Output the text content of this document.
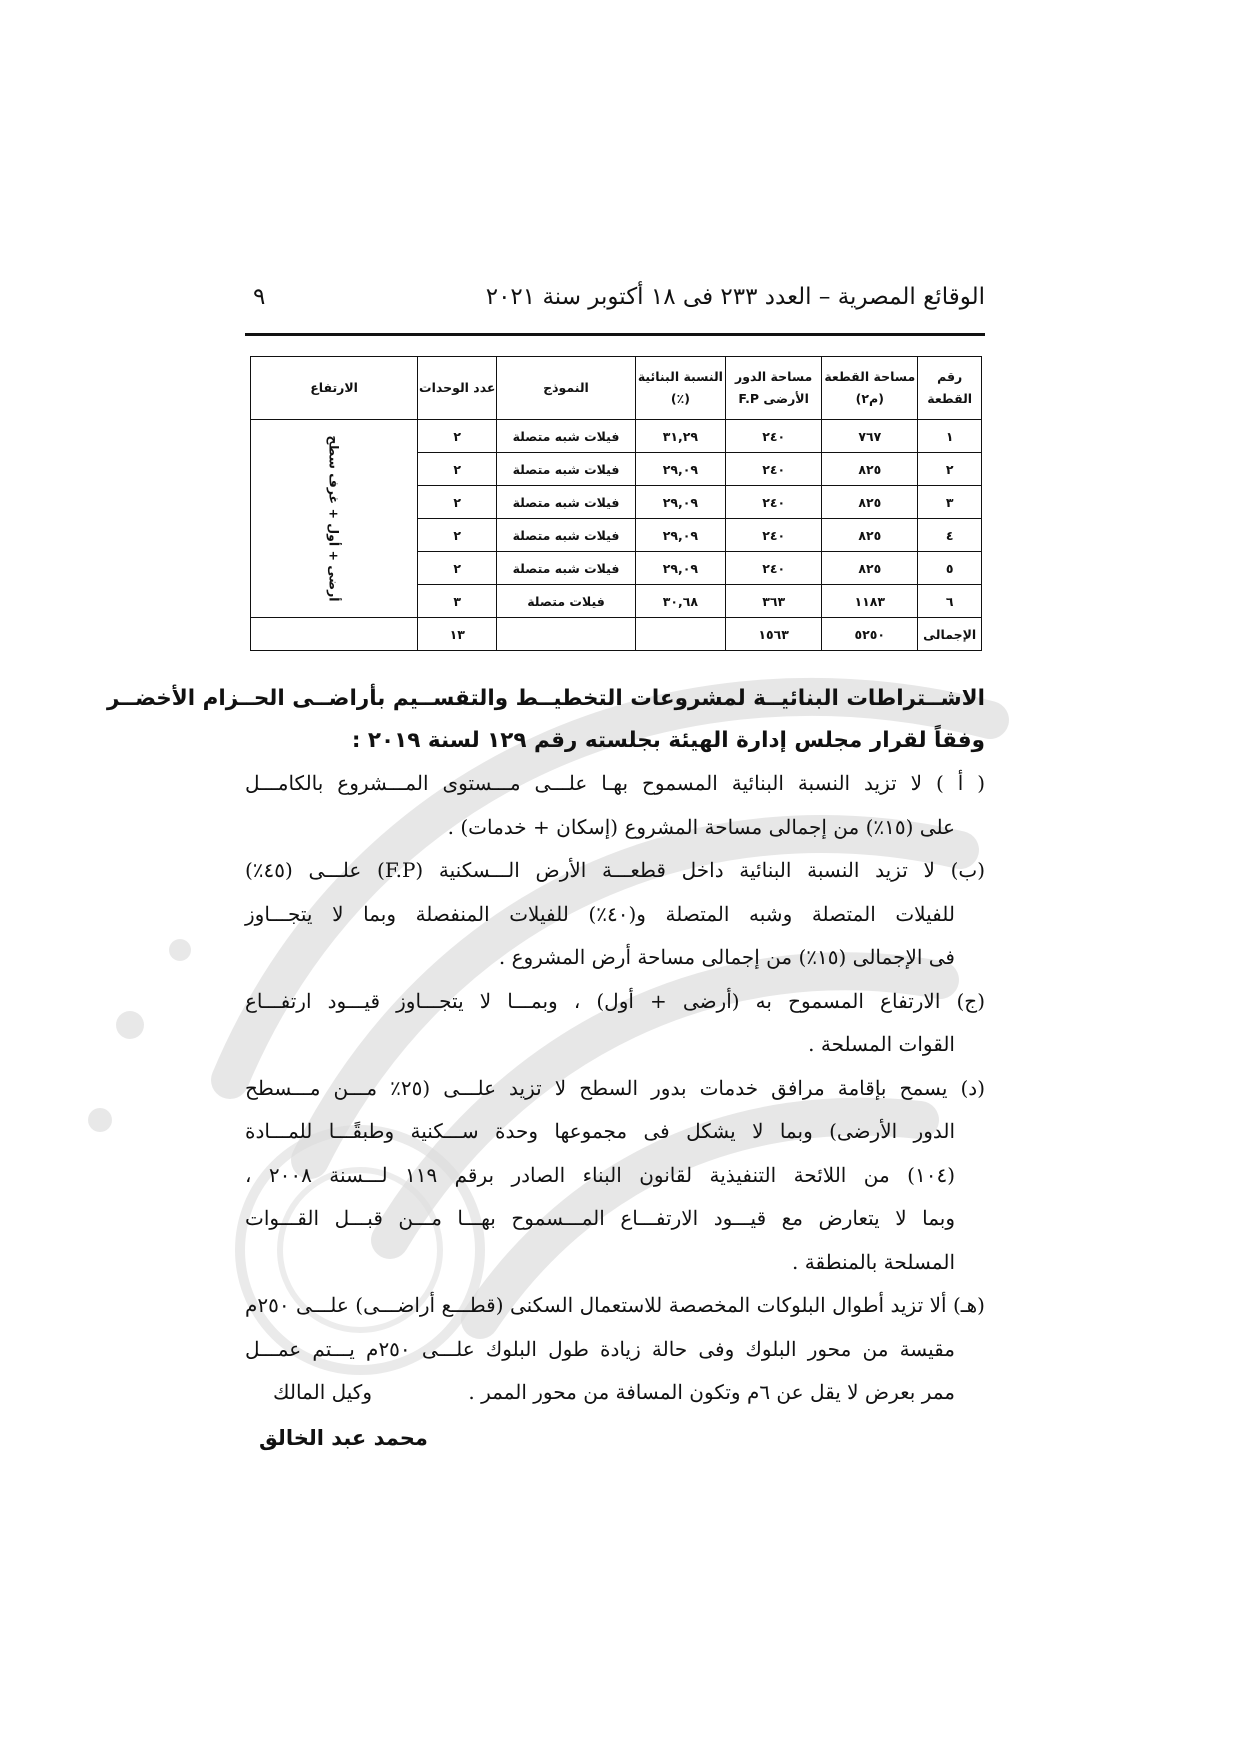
الوقائع المصرية – العدد ٢٣٣ فى ١٨ أكتوبر سنة ٢٠٢١
٩
رقم القطعة	مساحة القطعة (م٢)	مساحة الدور الأرضى F.P	النسبة البنائية (٪)	النموذج	عدد الوحدات	الارتفاع
١	٧٦٧	٢٤٠	٣١,٢٩	فيلات شبه متصلة	٢	أرضى + أول + غرف سطح
٢	٨٢٥	٢٤٠	٢٩,٠٩	فيلات شبه متصلة	٢	
٣	٨٢٥	٢٤٠	٢٩,٠٩	فيلات شبه متصلة	٢	
٤	٨٢٥	٢٤٠	٢٩,٠٩	فيلات شبه متصلة	٢	
٥	٨٢٥	٢٤٠	٢٩,٠٩	فيلات شبه متصلة	٢	
٦	١١٨٣	٣٦٣	٣٠,٦٨	فيلات متصلة	٣	
الإجمالى	٥٢٥٠	١٥٦٣			١٣	

الاشــتراطات البنائيــة لمشروعات التخطيــط والتقســيم بأراضــى الحــزام الأخضــر
وفقاً لقرار مجلس إدارة الهيئة بجلسته رقم ١٢٩ لسنة ٢٠١٩ :

( أ ) لا تزيد النسبة البنائية المسموح بهـا علـــى مـــستوى المـــشروع بالكامـــل
على (١٥٪) من إجمالى مساحة المشروع (إسكان + خدمات) .

(ب) لا تزيد النسبة البنائية داخل قطعـــة الأرض الـــسكنية (F.P) علـــى (٤٥٪)
للفيلات المتصلة وشبه المتصلة و(٤٠٪) للفيلات المنفصلة وبما لا يتجـــاوز
فى الإجمالى (١٥٪) من إجمالى مساحة أرض المشروع .

(ج) الارتفاع المسموح به (أرضى + أول) ، وبمـــا لا يتجـــاوز قيـــود ارتفـــاع
القوات المسلحة .

(د) يسمح بإقامة مرافق خدمات بدور السطح لا تزيد علـــى (٢٥٪ مـــن مـــسطح
الدور الأرضى) وبما لا يشكل فى مجموعها وحدة ســـكنية وطبقًـــا للمـــادة
(١٠٤) من اللائحة التنفيذية لقانون البناء الصادر برقم ١١٩ لـــسنة ٢٠٠٨ ،
وبما لا يتعارض مع قيـــود الارتفـــاع المـــسموح بهـــا مـــن قبـــل القـــوات
المسلحة بالمنطقة .

(هـ) ألا تزيد أطوال البلوكات المخصصة للاستعمال السكنى (قطـــع أراضـــى) علـــى ٢٥٠م
مقيسة من محور البلوك وفى حالة زيادة طول البلوك علـــى ٢٥٠م يـــتم عمـــل
ممر بعرض لا يقل عن ٦م وتكون المسافة من محور الممر .

وكيل المالك
محمد عبد الخالق
